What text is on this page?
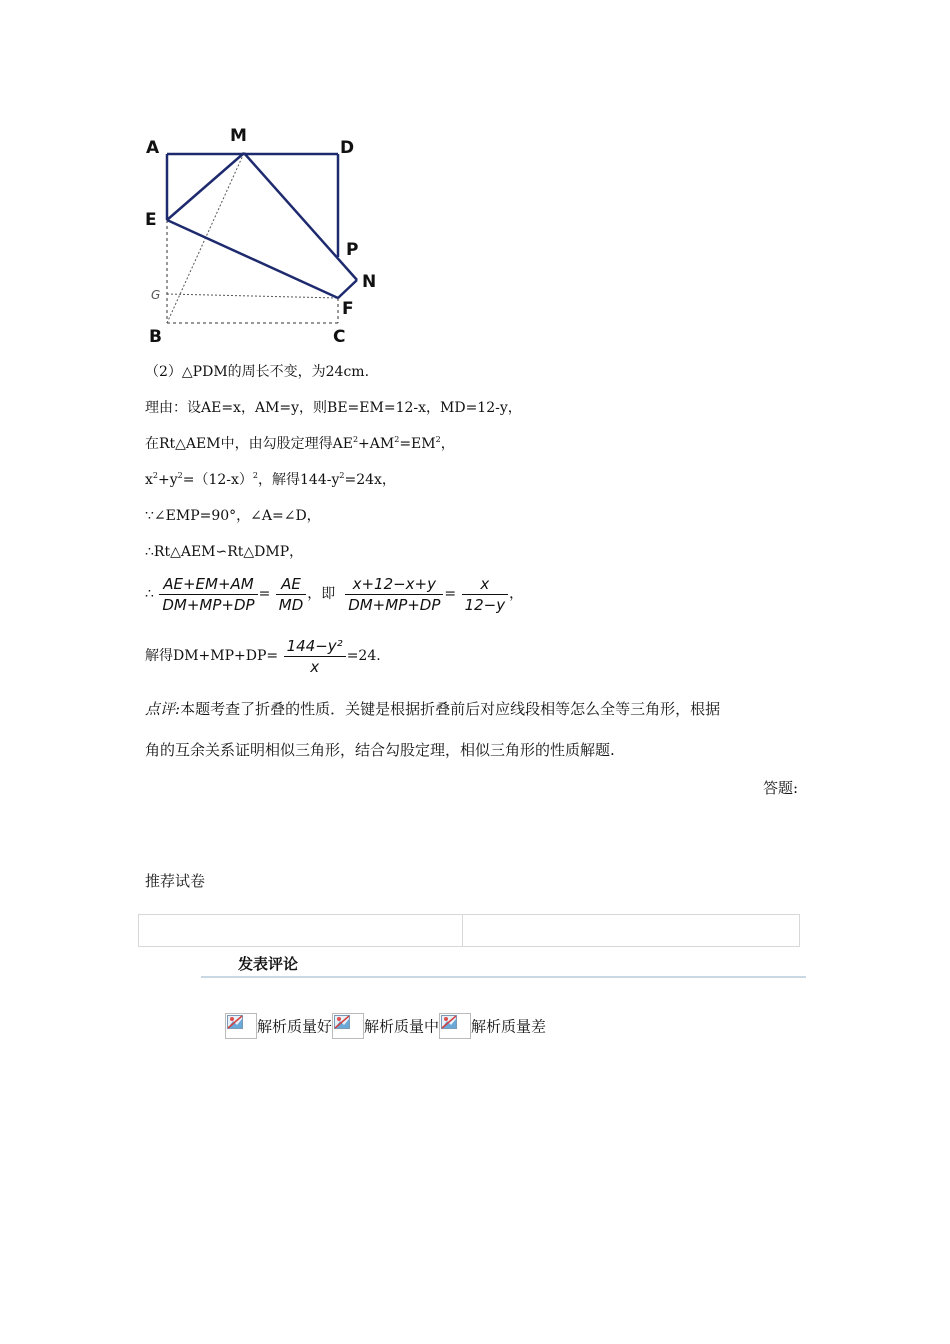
A
M
D
E
P
N
G
F
B	C
（2）△PDM的周长不变，为24cm.
理由：设AE=x，AM=y，则BE=EM=12-x，MD=12-y，
在Rt△AEM中，由勾股定理得$AE^2+AM^2=EM^2$，
$x^2+y^2=(12-x)^2$，解得$144-y^2=24x$，
∵∠EMP=90°，∠A=∠D，
∴Rt△AEM∽Rt△DMP，
∴ $\frac{AE+EM+AM}{DM+MP+DP} = \frac{AE}{MD}$ ，即 $\frac{x+12-x+y}{DM+MP+DP} = \frac{x}{12-y}$ ，
解得$DM+MP+DP= \frac{\text{144−y²}}{x} =24$.
点评:本题考查了折叠的性质．关键是根据折叠前后对应线段相等怎么全等三角形，根据
角的互余关系证明相似三角形，结合勾股定理，相似三角形的性质解题.
答题:
推荐试卷
发表评论
解析质量好 解析质量中 解析质量差
